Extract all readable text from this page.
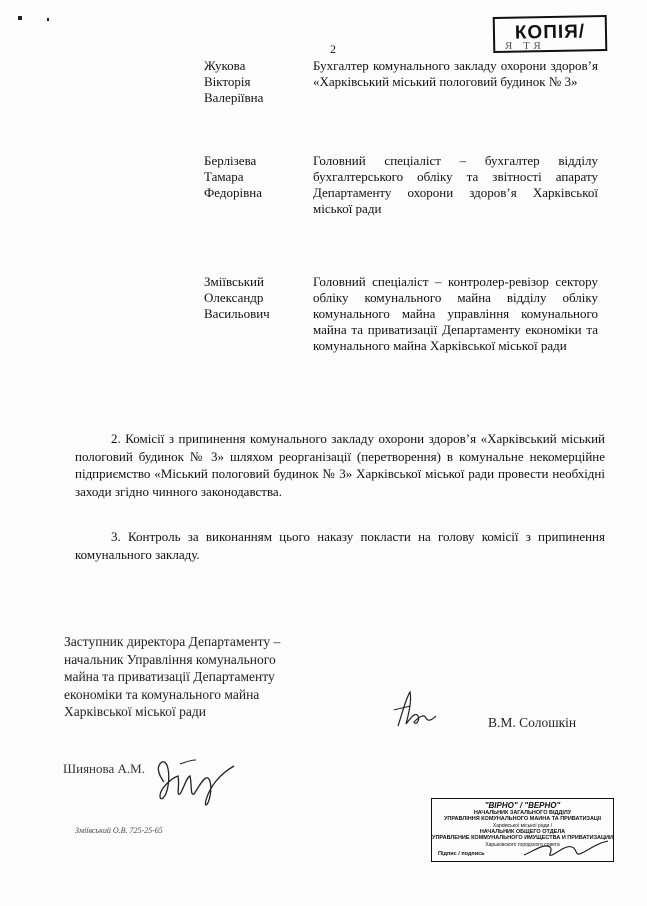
2
КОПІЯ/
Я ТЯ
Жукова
Вікторія
Валеріївна
Бухгалтер комунального закладу охорони здоров’я «Харківський міський пологовий будинок № 3»
Берлізева
Тамара
Федорівна
Головний спеціаліст – бухгалтер відділу бухгалтерського обліку та звітності апарату Департаменту охорони здоров’я Харківської міської ради
Зміївський
Олександр
Васильович
Головний спеціаліст – контролер-ревізор сектору обліку комунального майна відділу обліку комунального майна управління комунального майна та приватизації Департаменту економіки та комунального майна Харківської міської ради
2. Комісії з припинення комунального закладу охорони здоров’я «Харківський міський пологовий будинок № 3» шляхом реорганізації (перетворення) в комунальне некомерційне підприємство «Міський пологовий будинок № 3» Харківської міської ради провести необхідні заходи згідно чинного законодавства.
3. Контроль за виконанням цього наказу покласти на голову комісії з припинення комунального закладу.
Заступник директора Департаменту –
начальник Управління комунального
майна та приватизації Департаменту
економіки та комунального майна
Харківської міської ради
В.М. Солошкін
Шиянова А.М.
Зміївський О.В. 725-25-65
"ВІРНО" / "ВЕРНО"
НАЧАЛЬНИК ЗАГАЛЬНОГО ВІДДІЛУ
УПРАВЛІННЯ КОМУНАЛЬНОГО МАЙНА ТА ПРИВАТИЗАЦІЇ
Харківської міської ради /
НАЧАЛЬНИК ОБЩЕГО ОТДЕЛА
УПРАВЛЕНИЕ КОММУНАЛЬНОГО ИМУЩЕСТВА И ПРИВАТИЗАЦИИ
Харьковского городского совета
Підпис / подпись
